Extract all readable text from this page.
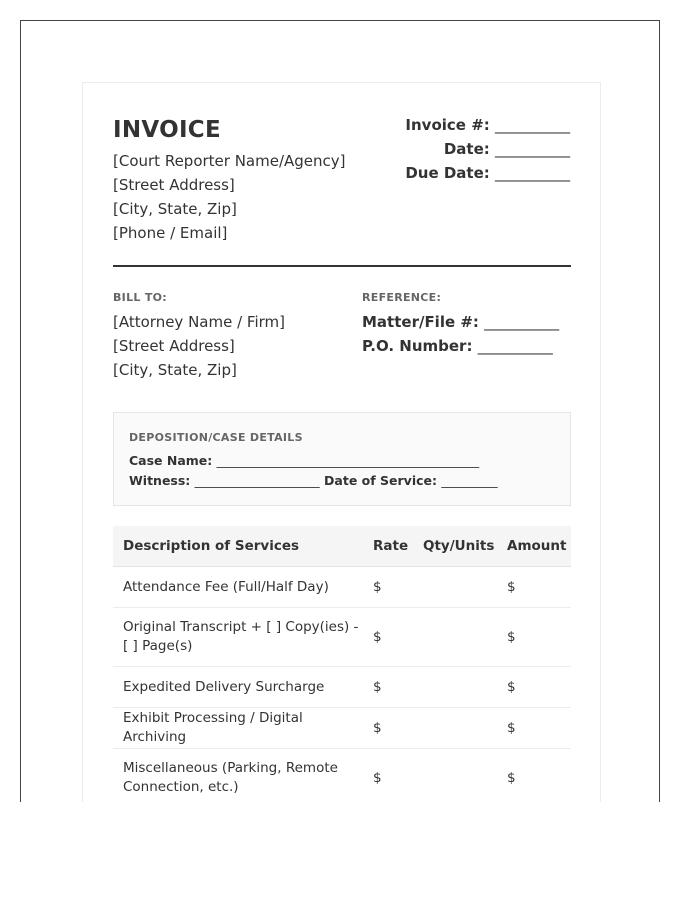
INVOICE
[Court Reporter Name/Agency]
[Street Address]
[City, State, Zip]
[Phone / Email]
Invoice #: __________
Date: __________
Due Date: __________
BILL TO:
[Attorney Name / Firm]
[Street Address]
[City, State, Zip]
REFERENCE:
Matter/File #: __________
P.O. Number: __________
DEPOSITION/CASE DETAILS
Case Name: __________________________________________
Witness: ____________________ Date of Service: _________
Description of Services	Rate	Qty/Units	Amount
Attendance Fee (Full/Half Day)	$		$
Original Transcript + [ ] Copy(ies) - [ ] Page(s)	$		$
Expedited Delivery Surcharge	$		$
Exhibit Processing / Digital Archiving	$		$
Miscellaneous (Parking, Remote Connection, etc.)	$		$
